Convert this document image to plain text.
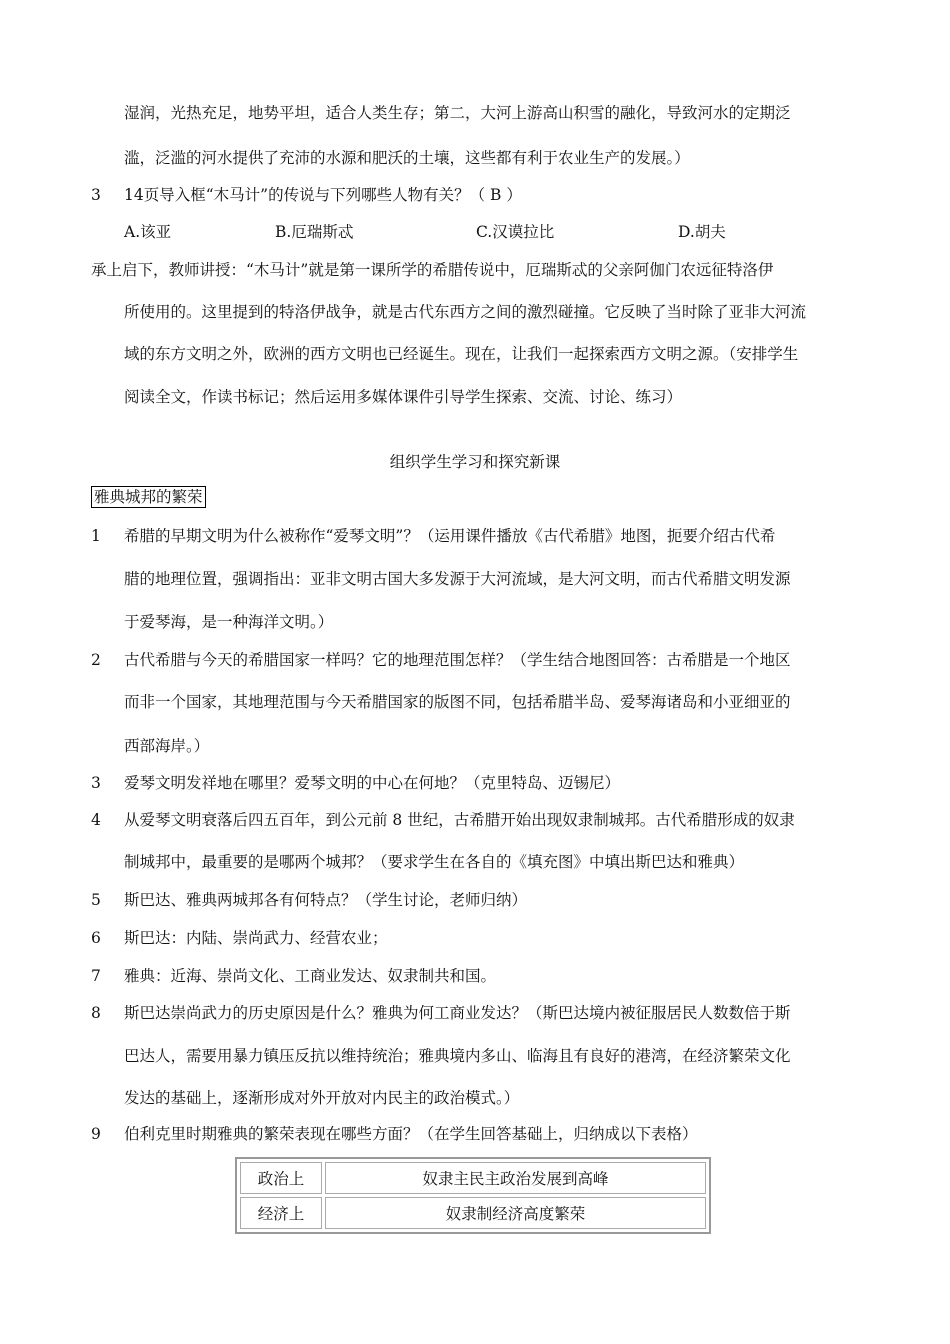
湿润，光热充足，地势平坦，适合人类生存；第二，大河上游高山积雪的融化，导致河水的定期泛
滥，泛滥的河水提供了充沛的水源和肥沃的土壤，这些都有利于农业生产的发展。）
3 14页导入框“木马计”的传说与下列哪些人物有关？（ B ）
A.该亚	B.厄瑞斯忒	C.汉谟拉比	D.胡夫
承上启下，教师讲授：“木马计”就是第一课所学的希腊传说中，厄瑞斯忒的父亲阿伽门农远征特洛伊
所使用的。这里提到的特洛伊战争，就是古代东西方之间的激烈碰撞。它反映了当时除了亚非大河流
域的东方文明之外，欧洲的西方文明也已经诞生。现在，让我们一起探索西方文明之源。（安排学生
阅读全文，作读书标记；然后运用多媒体课件引导学生探索、交流、讨论、练习）
组织学生学习和探究新课
雅典城邦的繁荣
1 希腊的早期文明为什么被称作“爱琴文明”？（运用课件播放《古代希腊》地图，扼要介绍古代希
腊的地理位置，强调指出：亚非文明古国大多发源于大河流域，是大河文明，而古代希腊文明发源
于爱琴海，是一种海洋文明。）
2 古代希腊与今天的希腊国家一样吗？它的地理范围怎样？（学生结合地图回答：古希腊是一个地区
而非一个国家，其地理范围与今天希腊国家的版图不同，包括希腊半岛、爱琴海诸岛和小亚细亚的
西部海岸。）
3 爱琴文明发祥地在哪里？爱琴文明的中心在何地？（克里特岛、迈锡尼）
4 从爱琴文明衰落后四五百年，到公元前 8 世纪，古希腊开始出现奴隶制城邦。古代希腊形成的奴隶
制城邦中，最重要的是哪两个城邦？（要求学生在各自的《填充图》中填出斯巴达和雅典）
5 斯巴达、雅典两城邦各有何特点？（学生讨论，老师归纳）
6 斯巴达：内陆、崇尚武力、经营农业；
7 雅典：近海、崇尚文化、工商业发达、奴隶制共和国。
8 斯巴达崇尚武力的历史原因是什么？雅典为何工商业发达？（斯巴达境内被征服居民人数数倍于斯
巴达人，需要用暴力镇压反抗以维持统治；雅典境内多山、临海且有良好的港湾，在经济繁荣文化
发达的基础上，逐渐形成对外开放对内民主的政治模式。）
9 伯利克里时期雅典的繁荣表现在哪些方面？（在学生回答基础上，归纳成以下表格）
政治上	奴隶主民主政治发展到高峰
经济上	奴隶制经济高度繁荣
